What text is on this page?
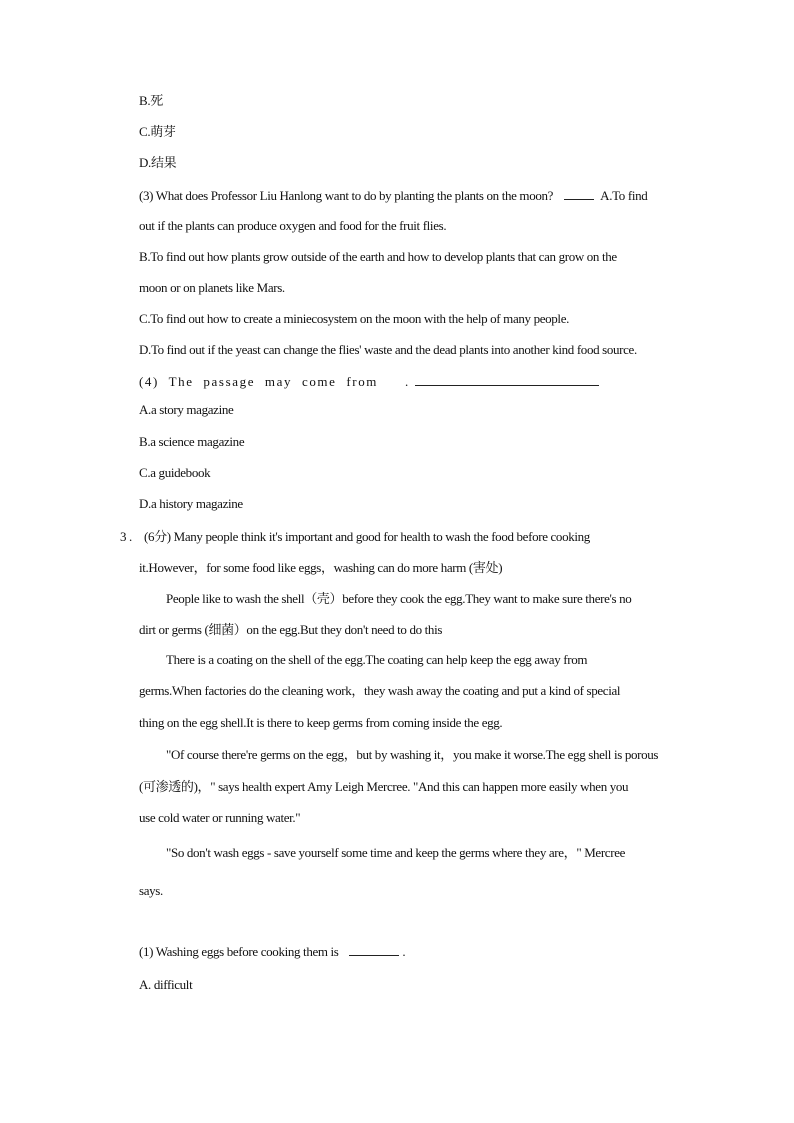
B.死
C.萌芽
D.结果
(3) What does Professor Liu Hanlong want to do by planting the plants on the moon?	A.To find
out if the plants can produce oxygen and food for the fruit flies.
B.To find out how plants grow outside of the earth and how to develop plants that can grow on the
moon or on planets like Mars.
C.To find out how to create a miniecosystem on the moon with the help of many people.
D.To find out if the yeast can change the flies' waste and the dead plants into another kind food source.
(4) The passage may come from .
A.a story magazine
B.a science magazine
C.a guidebook
D.a history magazine
3 . (6分) Many people think it's important and good for health to wash the food before cooking
it.However，for some food like eggs，washing can do more harm (害处)
People like to wash the shell（壳）before they cook the egg.They want to make sure there's no
dirt or germs (细菌）on the egg.But they don't need to do this
There is a coating on the shell of the egg.The coating can help keep the egg away from
germs.When factories do the cleaning work，they wash away the coating and put a kind of special
thing on the egg shell.It is there to keep germs from coming inside the egg.
"Of course there're germs on the egg，but by washing it，you make it worse.The egg shell is porous
(可渗透的)，" says health expert Amy Leigh Mercree. "And this can happen more easily when you
use cold water or running water."
"So don't wash eggs - save yourself some time and keep the germs where they are，" Mercree
says.
(1) Washing eggs before cooking them is	.
A. difficult
